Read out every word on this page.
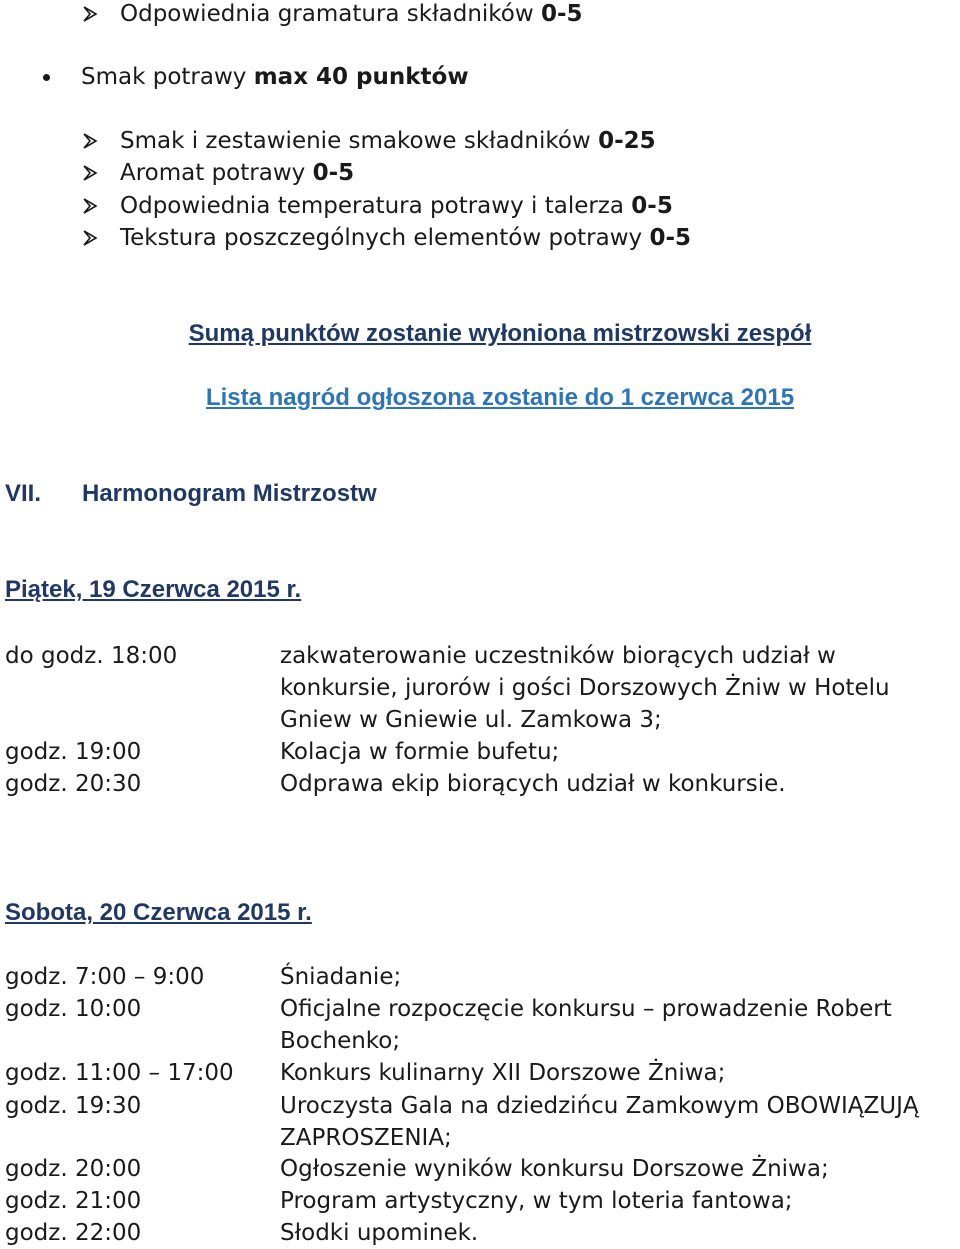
Odpowiednia gramatura składników 0-5
Smak potrawy max 40 punktów
Smak i zestawienie smakowe składników 0-25
Aromat potrawy 0-5
Odpowiednia temperatura potrawy i talerza 0-5
Tekstura poszczególnych elementów potrawy 0-5
Sumą punktów zostanie wyłoniona mistrzowski zespół
Lista nagród ogłoszona zostanie do 1 czerwca 2015
VII. Harmonogram Mistrzostw
Piątek, 19 Czerwca 2015 r.
do godz. 18:00	zakwaterowanie uczestników biorących udział w konkursie, jurorów i gości Dorszowych Żniw w Hotelu Gniew w Gniewie ul. Zamkowa 3;
godz. 19:00	Kolacja w formie bufetu;
godz. 20:30	Odprawa ekip biorących udział w konkursie.
Sobota, 20 Czerwca 2015 r.
godz. 7:00 – 9:00	Śniadanie;
godz. 10:00	Oficjalne rozpoczęcie konkursu – prowadzenie Robert Bochenko;
godz. 11:00 – 17:00 Konkurs kulinarny XII Dorszowe Żniwa;
godz. 19:30	Uroczysta Gala na dziedzińcu Zamkowym OBOWIĄZUJĄ ZAPROSZENIA;
godz. 20:00	Ogłoszenie wyników konkursu Dorszowe Żniwa;
godz. 21:00	Program artystyczny, w tym loteria fantowa;
godz. 22:00	Słodki upominek.
